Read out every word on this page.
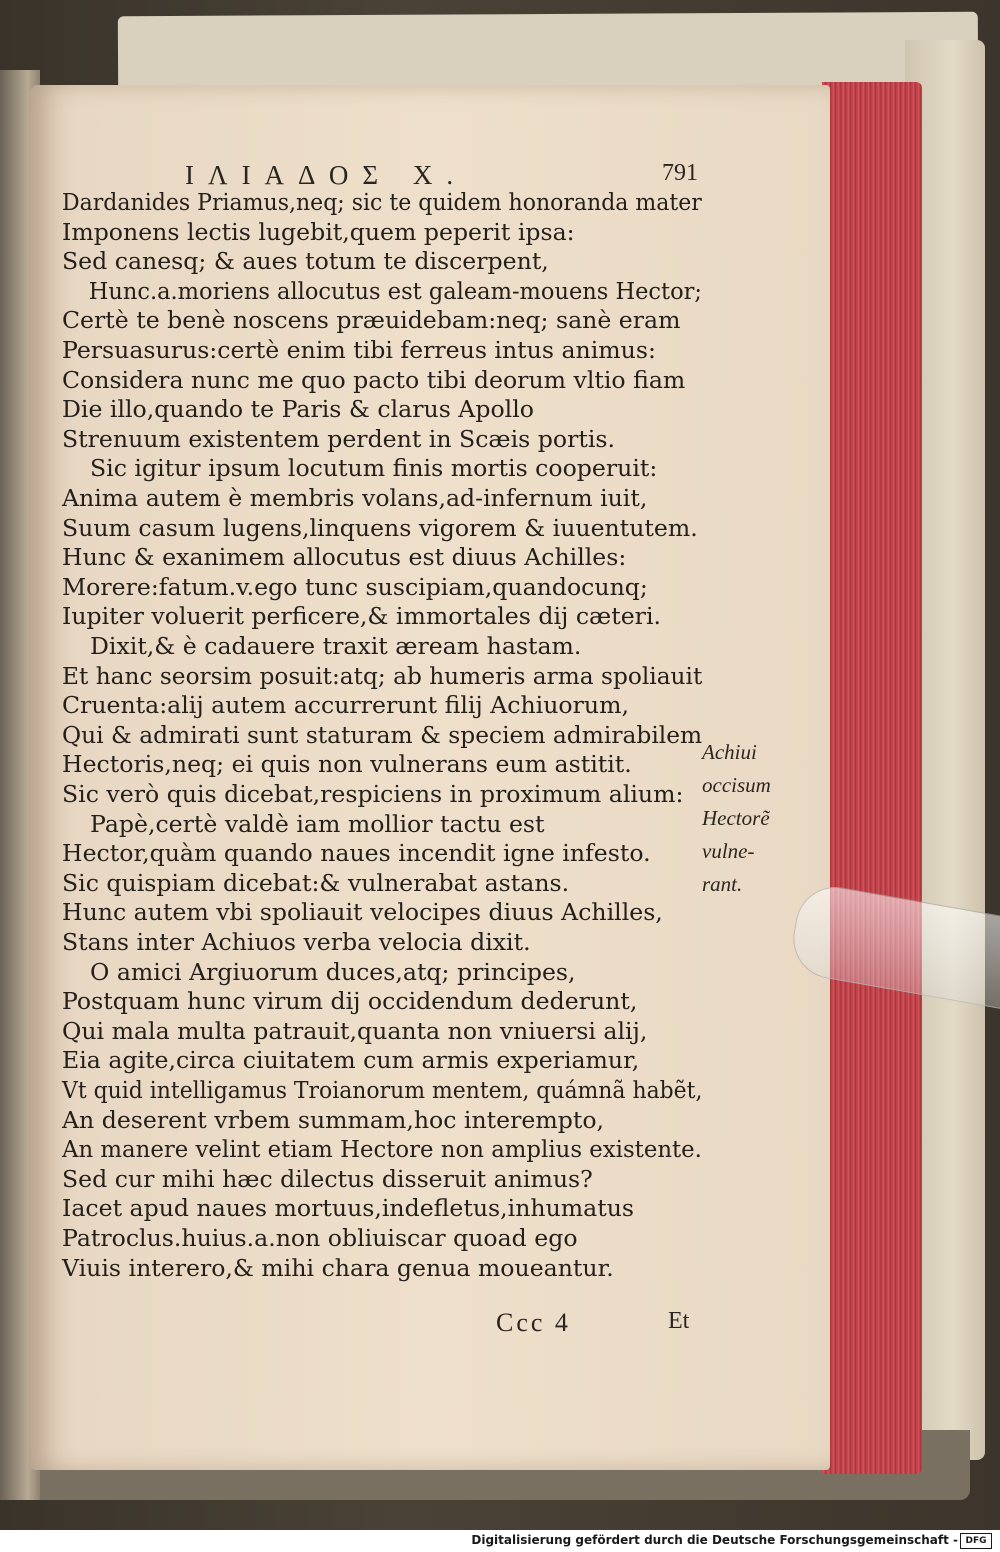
ΙΛΙΑΔΟΣ X.	791
Dardanides Priamus,neq; sic te quidem honoranda mater
Imponens lectis lugebit,quem peperit ipsa:
Sed canesq; & aues totum te discerpent,
Hunc.a.moriens allocutus est galeam-mouens Hector;
Certè te benè noscens præuidebam:neq; sanè eram
Persuasurus:certè enim tibi ferreus intus animus:
Considera nunc me quo pacto tibi deorum vltio fiam
Die illo,quando te Paris & clarus Apollo
Strenuum existentem perdent in Scæis portis.
Sic igitur ipsum locutum finis mortis cooperuit:
Anima autem è membris volans,ad-infernum iuit,
Suum casum lugens,linquens vigorem & iuuentutem.
Hunc & exanimem allocutus est diuus Achilles:
Morere:fatum.v.ego tunc suscipiam,quandocunq;
Iupiter voluerit perficere,& immortales dij cæteri.
Dixit,& è cadauere traxit æream hastam.
Et hanc seorsim posuit:atq; ab humeris arma spoliauit
Cruenta:alij autem accurrerunt filij Achiuorum,
Qui & admirati sunt staturam & speciem admirabilem
Hectoris,neq; ei quis non vulnerans eum astitit.
Sic verò quis dicebat,respiciens in proximum alium:
Papè,certè valdè iam mollior tactu est
Hector,quàm quando naues incendit igne infesto.
Sic quispiam dicebat:& vulnerabat astans.
Hunc autem vbi spoliauit velocipes diuus Achilles,
Stans inter Achiuos verba velocia dixit.
O amici Argiuorum duces,atq; principes,
Postquam hunc virum dij occidendum dederunt,
Qui mala multa patrauit,quanta non vniuersi alij,
Eia agite,circa ciuitatem cum armis experiamur,
Vt quid intelligamus Troianorum mentem, quámnã habẽt,
An deserent vrbem summam,hoc interempto,
An manere velint etiam Hectore non amplius existente.
Sed cur mihi hæc dilectus disseruit animus?
Iacet apud naues mortuus,indefletus,inhumatus
Patroclus.huius.a.non obliuiscar quoad ego
Viuis interero,& mihi chara genua moueantur.
Achiui
occisum
Hectorẽ
vulne-
rant.
Ccc 4	Et
Digitalisierung gefördert durch die Deutsche Forschungsgemeinschaft - DFG
